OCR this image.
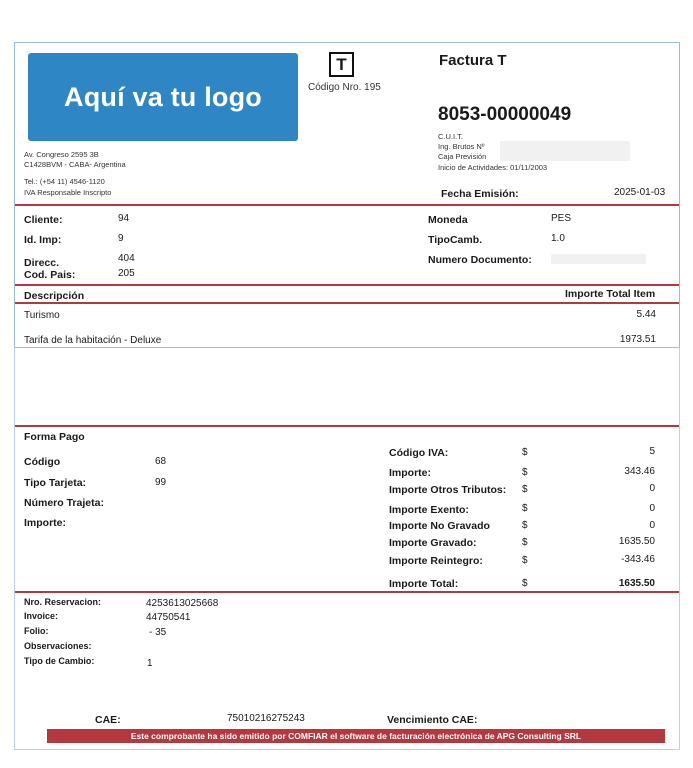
Aquí va tu logo
T
Código Nro. 195
Factura T
8053-00000049
C.U.I.T.
Ing. Brutos Nº
Caja Previsión
Inicio de Actividades: 01/11/2003
Av. Congreso 2595 3B
C1428BVM - CABA- Argentina
Tel.: (+54 11) 4546-1120
IVA Responsable Inscripto	Fecha Emisión:	2025-01-03
Cliente:	94
Id. Imp:	9
Direcc.	404
Cod. Pais:	205
Moneda	PES
TipoCamb.	1.0
Numero Documento:
Descripción	Importe Total Item
Turismo	5.44
Tarifa de la habitación - Deluxe	1973.51
Forma Pago
Código	68
Tipo Tarjeta:	99
Número Trajeta:
Importe:
Código IVA:	$	5
Importe:	$	343.46
Importe Otros Tributos: $	0
Importe Exento:	$	0
Importe No Gravado	$	0
Importe Gravado:	$	1635.50
Importe Reintegro:	$	-343.46
Importe Total:	$	1635.50
Nro. Reservacion:	4253613025668
Invoice:	44750541
Folio:	- 35
Observaciones:
Tipo de Cambio:	1
CAE:	75010216275243	Vencimiento CAE:
Este comprobante ha sido emitido por COMFIAR el software de facturación electrónica de APG Consulting SRL
